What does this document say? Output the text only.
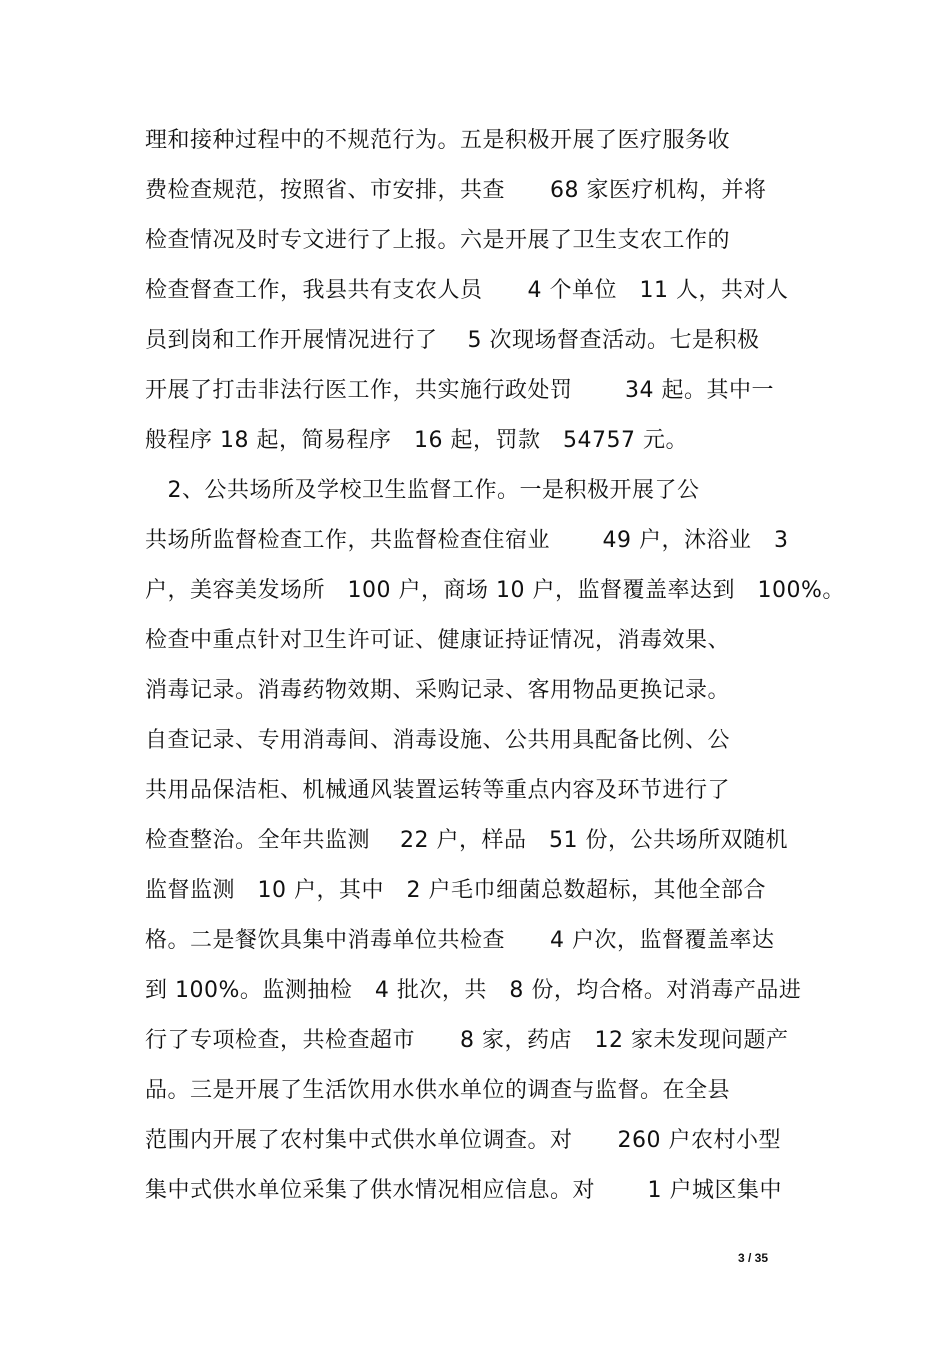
理和接种过程中的不规范行为。五是积极开展了医疗服务收
费检查规范，按照省、市安排，共查　　68 家医疗机构，并将
检查情况及时专文进行了上报。六是开展了卫生支农工作的
检查督查工作，我县共有支农人员　　4 个单位　11 人，共对人
员到岗和工作开展情况进行了　 5 次现场督查活动。七是积极
开展了打击非法行医工作，共实施行政处罚　　 34 起。其中一
般程序 18 起，简易程序　16 起，罚款　54757 元。
　2、公共场所及学校卫生监督工作。一是积极开展了公
共场所监督检查工作，共监督检查住宿业　　 49 户，沐浴业　3
户，美容美发场所　100 户，商场 10 户，监督覆盖率达到　100%。
检查中重点针对卫生许可证、健康证持证情况，消毒效果、
消毒记录。消毒药物效期、采购记录、客用物品更换记录。
自查记录、专用消毒间、消毒设施、公共用具配备比例、公
共用品保洁柜、机械通风装置运转等重点内容及环节进行了
检查整治。全年共监测　 22 户，样品　51 份，公共场所双随机
监督监测　10 户，其中　2 户毛巾细菌总数超标，其他全部合
格。二是餐饮具集中消毒单位共检查　　4 户次，监督覆盖率达
到 100%。监测抽检　4 批次，共　8 份，均合格。对消毒产品进
行了专项检查，共检查超市　　8 家，药店　12 家未发现问题产
品。三是开展了生活饮用水供水单位的调查与监督。在全县
范围内开展了农村集中式供水单位调查。对　　260 户农村小型
集中式供水单位采集了供水情况相应信息。对　　 1 户城区集中
3 / 35
